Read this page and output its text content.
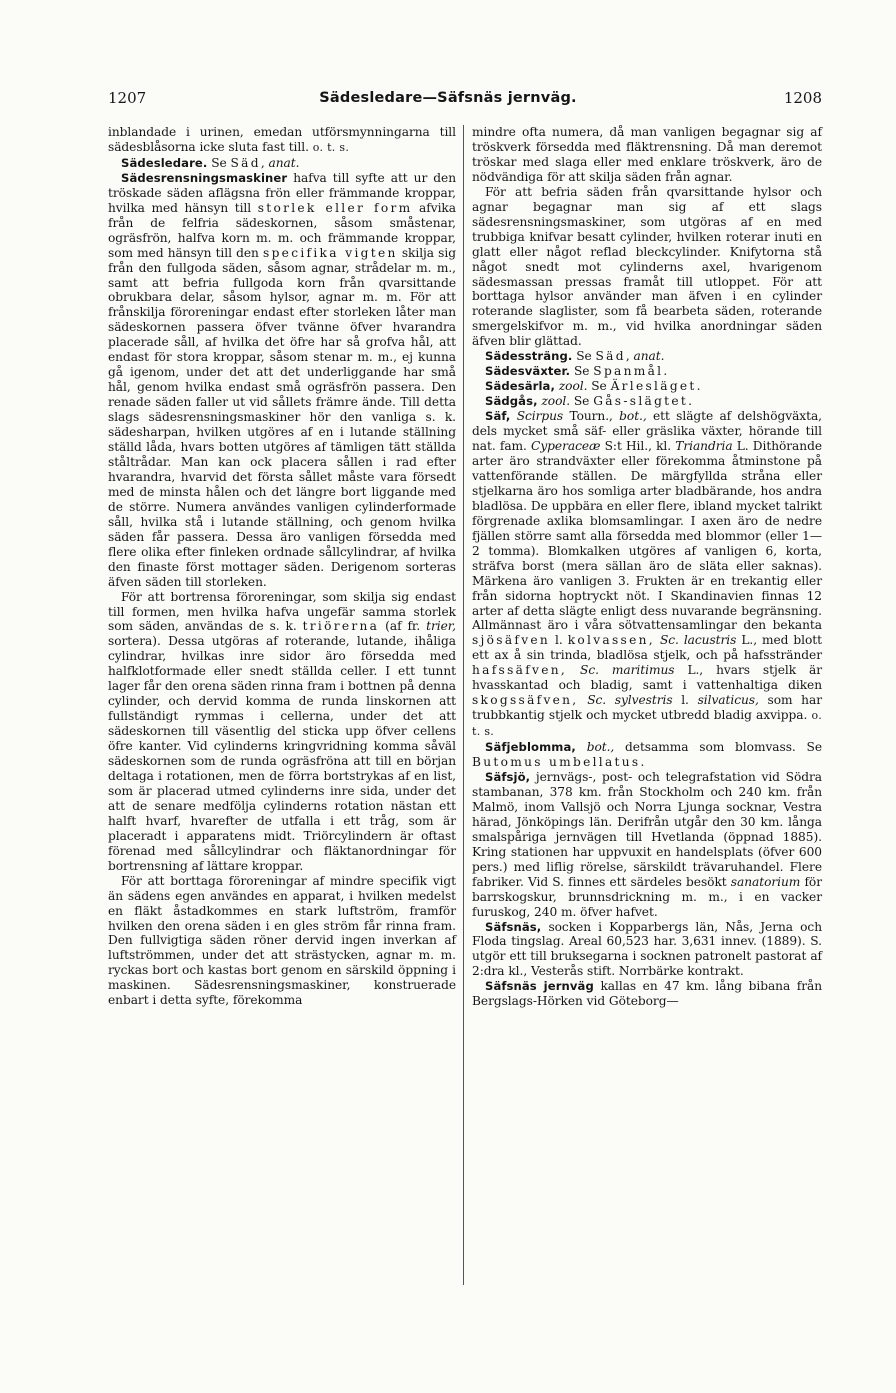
1207	Sädesledare—Säfsnäs jernväg.	1208

inblandade i urinen, emedan utförsmynningarna till sädesblåsorna icke sluta fast till. o. t. s.

Sädesledare. Se Säd, anat.

Sädesrensningsmaskiner hafva till syfte att ur den tröskade säden aflägsna frön eller främmande kroppar, hvilka med hänsyn till storlek eller form afvika från de felfria sädeskornen, såsom småstenar, ogräsfrön, halfva korn m. m. och främmande kroppar, som med hänsyn till den specifika vigten skilja sig från den fullgoda säden, såsom agnar, strådelar m. m., samt att befria fullgoda korn från qvarsittande obrukbara delar, såsom hylsor, agnar m. m. För att frånskilja föroreningar endast efter storleken låter man sädeskornen passera öfver tvänne öfver hvarandra placerade såll, af hvilka det öfre har så grofva hål, att endast för stora kroppar, såsom stenar m. m., ej kunna gå igenom, under det att det underliggande har små hål, genom hvilka endast små ogräsfrön passera. Den renade säden faller ut vid sållets främre ände. Till detta slags sädesrensningsmaskiner hör den vanliga s. k. sädesharpan, hvilken utgöres af en i lutande ställning ställd låda, hvars botten utgöres af tämligen tätt ställda ståltrådar. Man kan ock placera sållen i rad efter hvarandra, hvarvid det första sållet måste vara försedt med de minsta hålen och det längre bort liggande med de större. Numera användes vanligen cylinderformade såll, hvilka stå i lutande ställning, och genom hvilka säden får passera. Dessa äro vanligen försedda med flere olika efter finleken ordnade sållcylindrar, af hvilka den finaste först mottager säden. Derigenom sorteras äfven säden till storleken.

För att bortrensa föroreningar, som skilja sig endast till formen, men hvilka hafva ungefär samma storlek som säden, användas de s. k. triörerna (af fr. trier, sortera). Dessa utgöras af roterande, lutande, ihåliga cylindrar, hvilkas inre sidor äro försedda med halfklotformade eller snedt ställda celler. I ett tunnt lager får den orena säden rinna fram i bottnen på denna cylinder, och dervid komma de runda linskornen att fullständigt rymmas i cellerna, under det att sädeskornen till väsentlig del sticka upp öfver cellens öfre kanter. Vid cylinderns kringvridning komma såväl sädeskornen som de runda ogräsfröna att till en början deltaga i rotationen, men de förra bortstrykas af en list, som är placerad utmed cylinderns inre sida, under det att de senare medfölja cylinderns rotation nästan ett halft hvarf, hvarefter de utfalla i ett tråg, som är placeradt i apparatens midt. Triörcylindern är oftast förenad med sållcylindrar och fläktanordningar för bortrensning af lättare kroppar.

För att borttaga föroreningar af mindre specifik vigt än sädens egen användes en apparat, i hvilken medelst en fläkt åstadkommes en stark luftström, framför hvilken den orena säden i en gles ström får rinna fram. Den fullvigtiga säden röner dervid ingen inverkan af luftströmmen, under det att strästycken, agnar m. m. ryckas bort och kastas bort genom en särskild öppning i maskinen. Sädesrensningsmaskiner, konstruerade enbart i detta syfte, förekomma

mindre ofta numera, då man vanligen begagnar sig af tröskverk försedda med fläktrensning. Då man deremot tröskar med slaga eller med enklare tröskverk, äro de nödvändiga för att skilja säden från agnar.

För att befria säden från qvarsittande hylsor och agnar begagnar man sig af ett slags sädesrensningsmaskiner, som utgöras af en med trubbiga knifvar besatt cylinder, hvilken roterar inuti en glatt eller något reflad bleckcylinder. Knifytorna stå något snedt mot cylinderns axel, hvarigenom sädesmassan pressas framåt till utloppet. För att borttaga hylsor använder man äfven i en cylinder roterande slaglister, som få bearbeta säden, roterande smergelskifvor m. m., vid hvilka anordningar säden äfven blir glättad.

Sädessträng. Se Säd, anat.

Sädesväxter. Se Spanmål.

Sädesärla, zool. Se Ärlesläget.

Sädgås, zool. Se Gås-slägtet.

Säf, Scirpus Tourn., bot., ett slägte af delshögväxta, dels mycket små säf- eller gräslika växter, hörande till nat. fam. Cyperaceæ S:t Hil., kl. Triandria L. Dithörande arter äro strandväxter eller förekomma åtminstone på vattenförande ställen. De märgfyllda stråna eller stjelkarna äro hos somliga arter bladbärande, hos andra bladlösa. De uppbära en eller flere, ibland mycket talrikt förgrenade axlika blomsamlingar. I axen äro de nedre fjällen större samt alla försedda med blommor (eller 1—2 tomma). Blomkalken utgöres af vanligen 6, korta, sträfva borst (mera sällan äro de släta eller saknas). Märkena äro vanligen 3. Frukten är en trekantig eller från sidorna hoptryckt nöt. I Skandinavien finnas 12 arter af detta slägte enligt dess nuvarande begränsning. Allmännast äro i våra sötvattensamlingar den bekanta sjösäfven l. kolvassen, Sc. lacustris L., med blott ett ax å sin trinda, bladlösa stjelk, och på hafsstränder hafssäfven, Sc. maritimus L., hvars stjelk är hvasskantad och bladig, samt i vattenhaltiga diken skogssäfven, Sc. sylvestris l. silvaticus, som har trubbkantig stjelk och mycket utbredd bladig axvippa. o. t. s.

Säfjeblomma, bot., detsamma som blomvass. Se Butomus umbellatus.

Säfsjö, jernvägs-, post- och telegrafstation vid Södra stambanan, 378 km. från Stockholm och 240 km. från Malmö, inom Vallsjö och Norra Ljunga socknar, Vestra härad, Jönköpings län. Derifrån utgår den 30 km. långa smalspåriga jernvägen till Hvetlanda (öppnad 1885). Kring stationen har uppvuxit en handelsplats (öfver 600 pers.) med liflig rörelse, särskildt trävaruhandel. Flere fabriker. Vid S. finnes ett särdeles besökt sanatorium för barrskogskur, brunnsdrickning m. m., i en vacker furuskog, 240 m. öfver hafvet.

Säfsnäs, socken i Kopparbergs län, Nås, Jerna och Floda tingslag. Areal 60,523 har. 3,631 innev. (1889). S. utgör ett till bruksegarna i socknen patronelt pastorat af 2:dra kl., Vesterås stift. Norrbärke kontrakt.

Säfsnäs jernväg kallas en 47 km. lång bibana från Bergslags-Hörken vid Göteborg—
